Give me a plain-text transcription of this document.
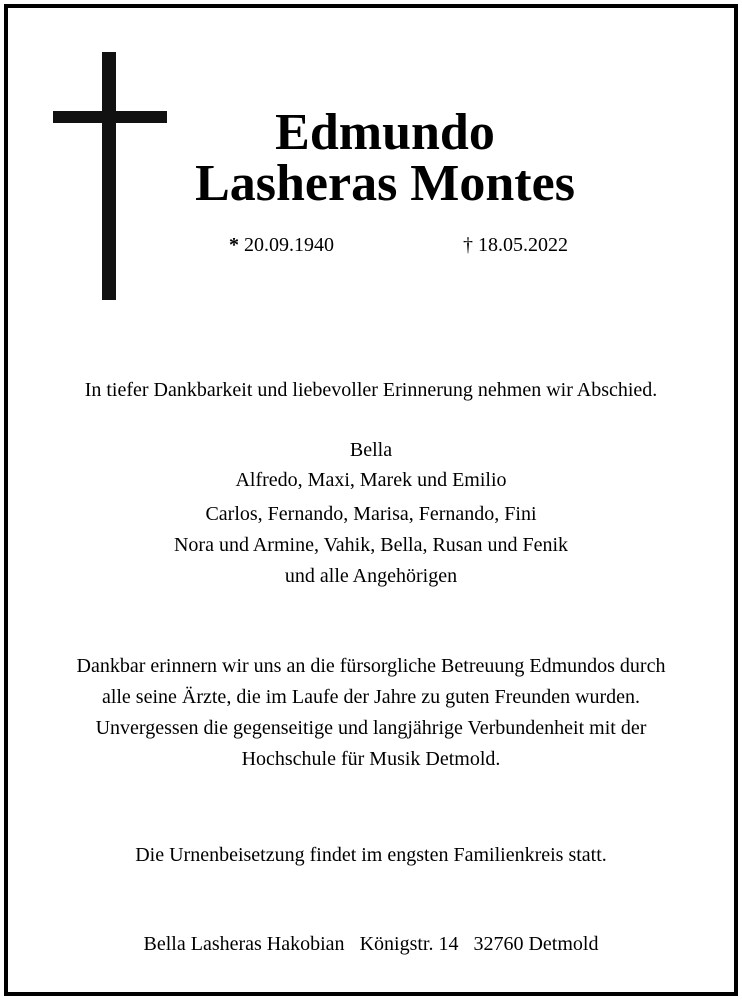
Edmundo
Lasheras Montes
* 20.09.1940	† 18.05.2022
In tiefer Dankbarkeit und liebevoller Erinnerung nehmen wir Abschied.
Bella
Alfredo, Maxi, Marek und Emilio
Carlos, Fernando, Marisa, Fernando, Fini
Nora und Armine, Vahik, Bella, Rusan und Fenik
und alle Angehörigen
Dankbar erinnern wir uns an die fürsorgliche Betreuung Edmundos durch
alle seine Ärzte, die im Laufe der Jahre zu guten Freunden wurden.
Unvergessen die gegenseitige und langjährige Verbundenheit mit der
Hochschule für Musik Detmold.
Die Urnenbeisetzung findet im engsten Familienkreis statt.
Bella Lasheras Hakobian Königstr. 14 32760 Detmold
